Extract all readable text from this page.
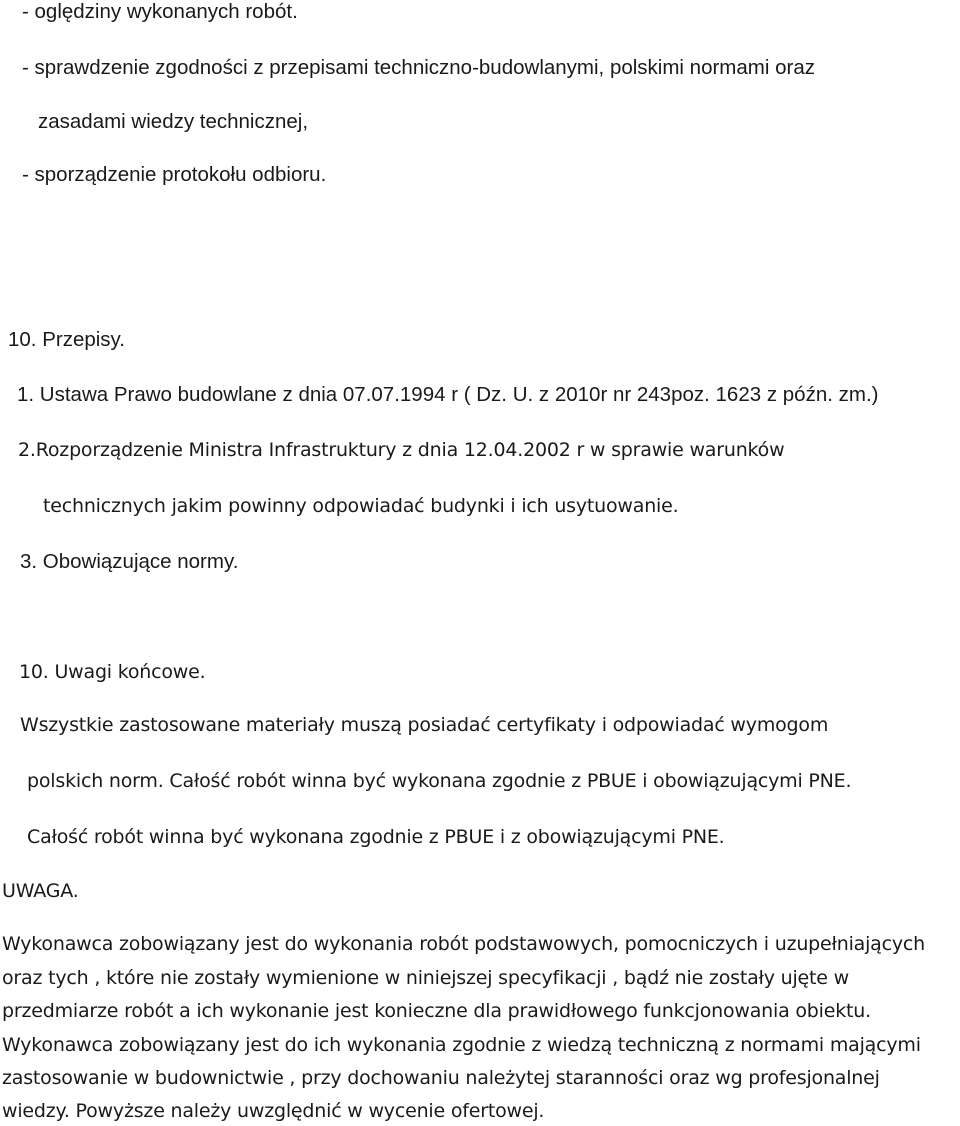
- oględziny wykonanych robót.
- sprawdzenie zgodności z przepisami techniczno-budowlanymi, polskimi normami oraz
zasadami wiedzy technicznej,
- sporządzenie protokołu odbioru.
10. Przepisy.
1. Ustawa Prawo budowlane z dnia 07.07.1994 r ( Dz. U. z 2010r nr 243poz. 1623 z późn. zm.)
2.Rozporządzenie Ministra Infrastruktury z dnia 12.04.2002 r w sprawie warunków
technicznych jakim powinny odpowiadać budynki i ich usytuowanie.
3. Obowiązujące normy.
10. Uwagi końcowe.
Wszystkie zastosowane materiały muszą posiadać certyfikaty i odpowiadać wymogom
polskich norm. Całość robót winna być wykonana zgodnie z PBUE i obowiązującymi PNE.
Całość robót winna być wykonana zgodnie z PBUE i z obowiązującymi PNE.
UWAGA.
Wykonawca zobowiązany jest do wykonania robót podstawowych, pomocniczych i uzupełniających
oraz tych , które nie zostały wymienione w niniejszej specyfikacji , bądź nie zostały ujęte w
przedmiarze robót a ich wykonanie jest konieczne dla prawidłowego funkcjonowania obiektu.
Wykonawca zobowiązany jest do ich wykonania zgodnie z wiedzą techniczną z normami mającymi
zastosowanie w budownictwie , przy dochowaniu należytej staranności oraz wg profesjonalnej
wiedzy. Powyższe należy uwzględnić w wycenie ofertowej.
